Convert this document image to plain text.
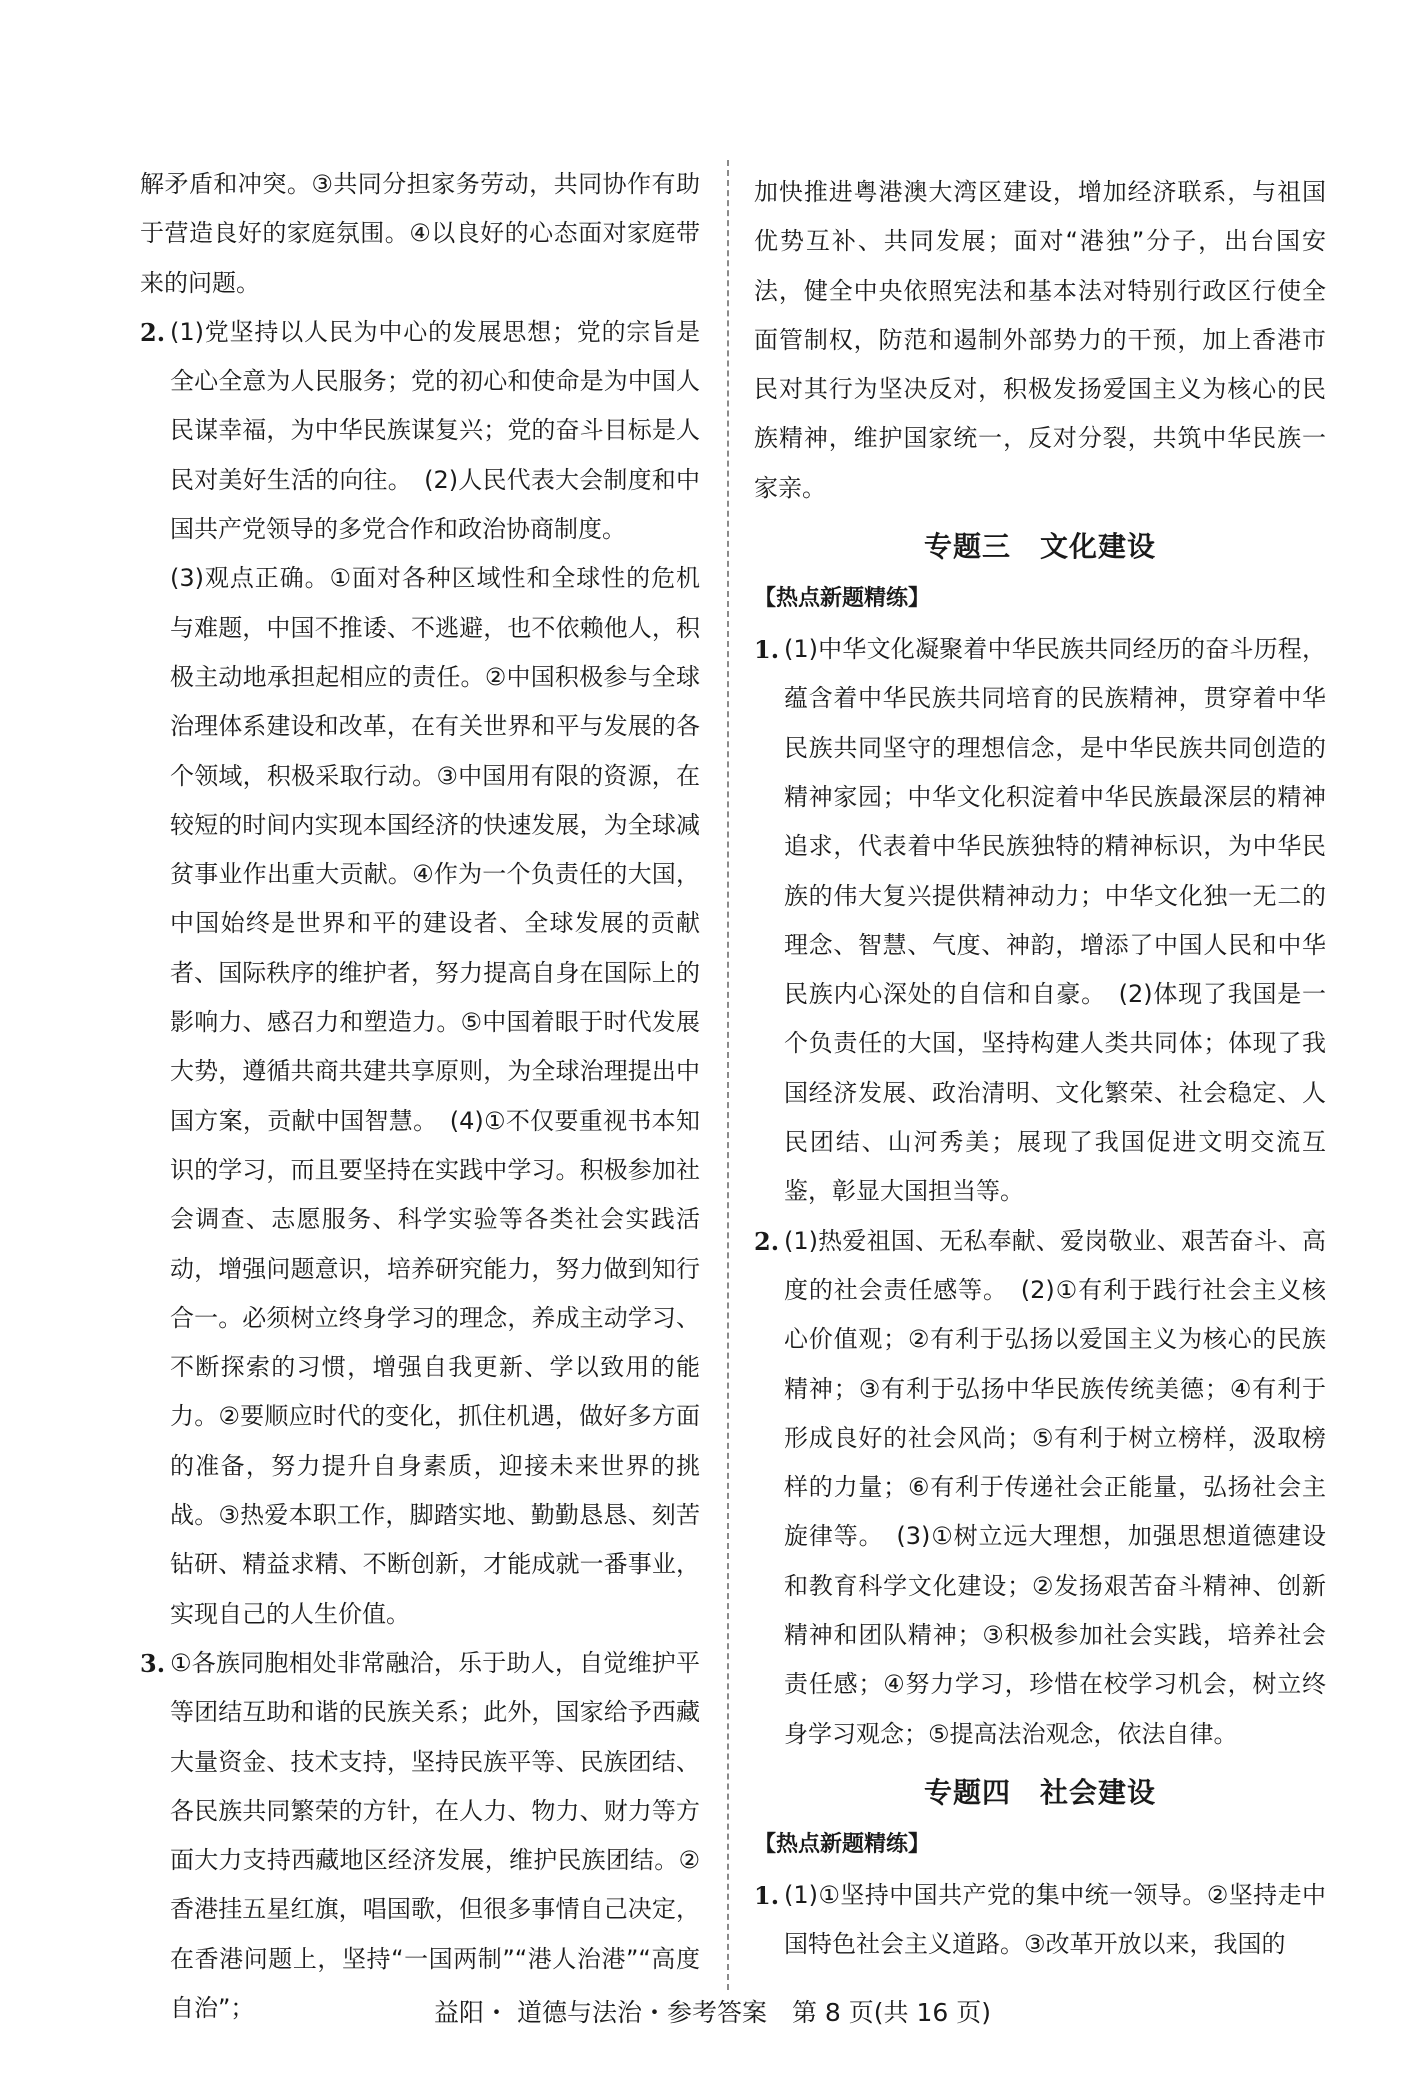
解矛盾和冲突。③共同分担家务劳动，共同协作有助于营造良好的家庭氛围。④以良好的心态面对家庭带来的问题。

2. (1)党坚持以人民为中心的发展思想；党的宗旨是全心全意为人民服务；党的初心和使命是为中国人民谋幸福，为中华民族谋复兴；党的奋斗目标是人民对美好生活的向往。　(2)人民代表大会制度和中国共产党领导的多党合作和政治协商制度。

(3)观点正确。①面对各种区域性和全球性的危机与难题，中国不推诿、不逃避，也不依赖他人，积极主动地承担起相应的责任。②中国积极参与全球治理体系建设和改革，在有关世界和平与发展的各个领域，积极采取行动。③中国用有限的资源，在较短的时间内实现本国经济的快速发展，为全球减贫事业作出重大贡献。④作为一个负责任的大国，中国始终是世界和平的建设者、全球发展的贡献者、国际秩序的维护者，努力提高自身在国际上的影响力、感召力和塑造力。⑤中国着眼于时代发展大势，遵循共商共建共享原则，为全球治理提出中国方案，贡献中国智慧。　(4)①不仅要重视书本知识的学习，而且要坚持在实践中学习。积极参加社会调查、志愿服务、科学实验等各类社会实践活动，增强问题意识，培养研究能力，努力做到知行合一。必须树立终身学习的理念，养成主动学习、不断探索的习惯，增强自我更新、学以致用的能力。②要顺应时代的变化，抓住机遇，做好多方面的准备，努力提升自身素质，迎接未来世界的挑战。③热爱本职工作，脚踏实地、勤勤恳恳、刻苦钻研、精益求精、不断创新，才能成就一番事业，实现自己的人生价值。

3. ①各族同胞相处非常融洽，乐于助人，自觉维护平等团结互助和谐的民族关系；此外，国家给予西藏大量资金、技术支持，坚持民族平等、民族团结、各民族共同繁荣的方针，在人力、物力、财力等方面大力支持西藏地区经济发展，维护民族团结。②香港挂五星红旗，唱国歌，但很多事情自己决定，在香港问题上，坚持“一国两制”“港人治港”“高度自治”；

加快推进粤港澳大湾区建设，增加经济联系，与祖国优势互补、共同发展；面对“港独”分子，出台国安法，健全中央依照宪法和基本法对特别行政区行使全面管制权，防范和遏制外部势力的干预，加上香港市民对其行为坚决反对，积极发扬爱国主义为核心的民族精神，维护国家统一，反对分裂，共筑中华民族一家亲。

专题三　文化建设
【热点新题精练】
1. (1)中华文化凝聚着中华民族共同经历的奋斗历程，蕴含着中华民族共同培育的民族精神，贯穿着中华民族共同坚守的理想信念，是中华民族共同创造的精神家园；中华文化积淀着中华民族最深层的精神追求，代表着中华民族独特的精神标识，为中华民族的伟大复兴提供精神动力；中华文化独一无二的理念、智慧、气度、神韵，增添了中国人民和中华民族内心深处的自信和自豪。　(2)体现了我国是一个负责任的大国，坚持构建人类共同体；体现了我国经济发展、政治清明、文化繁荣、社会稳定、人民团结、山河秀美；展现了我国促进文明交流互鉴，彰显大国担当等。

2. (1)热爱祖国、无私奉献、爱岗敬业、艰苦奋斗、高度的社会责任感等。　(2)①有利于践行社会主义核心价值观；②有利于弘扬以爱国主义为核心的民族精神；③有利于弘扬中华民族传统美德；④有利于形成良好的社会风尚；⑤有利于树立榜样，汲取榜样的力量；⑥有利于传递社会正能量，弘扬社会主旋律等。　(3)①树立远大理想，加强思想道德建设和教育科学文化建设；②发扬艰苦奋斗精神、创新精神和团队精神；③积极参加社会实践，培养社会责任感；④努力学习，珍惜在校学习机会，树立终身学习观念；⑤提高法治观念，依法自律。

专题四　社会建设
【热点新题精练】
1. (1)①坚持中国共产党的集中统一领导。②坚持走中国特色社会主义道路。③改革开放以来，我国的

益阳・ 道德与法治・参考答案　第 8 页(共 16 页)
